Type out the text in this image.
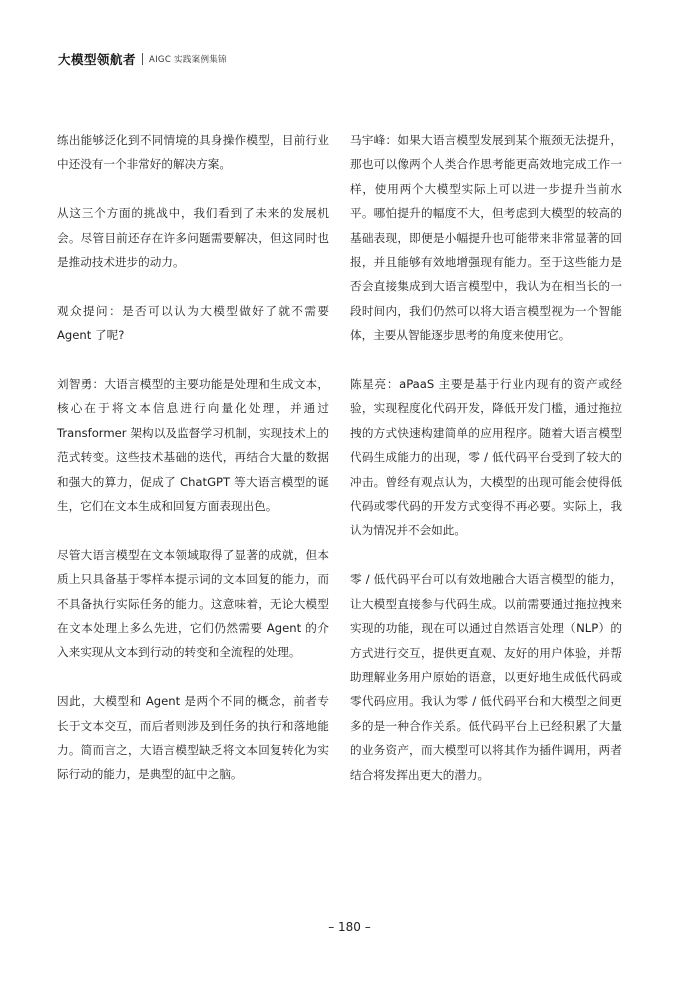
大模型领航者 AIGC 实践案例集锦

练出能够泛化到不同情境的具身操作模型，目前行业中还没有一个非常好的解决方案。

从这三个方面的挑战中，我们看到了未来的发展机会。尽管目前还存在许多问题需要解决，但这同时也是推动技术进步的动力。

观众提问：是否可以认为大模型做好了就不需要 Agent 了呢?

刘智勇：大语言模型的主要功能是处理和生成文本，核心在于将文本信息进行向量化处理，并通过 Transformer 架构以及监督学习机制，实现技术上的范式转变。这些技术基础的迭代，再结合大量的数据和强大的算力，促成了 ChatGPT 等大语言模型的诞生，它们在文本生成和回复方面表现出色。

尽管大语言模型在文本领域取得了显著的成就，但本质上只具备基于零样本提示词的文本回复的能力，而不具备执行实际任务的能力。这意味着，无论大模型在文本处理上多么先进，它们仍然需要 Agent 的介入来实现从文本到行动的转变和全流程的处理。

因此，大模型和 Agent 是两个不同的概念，前者专长于文本交互，而后者则涉及到任务的执行和落地能力。简而言之，大语言模型缺乏将文本回复转化为实际行动的能力，是典型的缸中之脑。

马宇峰：如果大语言模型发展到某个瓶颈无法提升，那也可以像两个人类合作思考能更高效地完成工作一样，使用两个大模型实际上可以进一步提升当前水平。哪怕提升的幅度不大，但考虑到大模型的较高的基础表现，即便是小幅提升也可能带来非常显著的回报，并且能够有效地增强现有能力。至于这些能力是否会直接集成到大语言模型中，我认为在相当长的一段时间内，我们仍然可以将大语言模型视为一个智能体，主要从智能逐步思考的角度来使用它。

陈星亮：aPaaS 主要是基于行业内现有的资产或经验，实现程度化代码开发，降低开发门槛，通过拖拉拽的方式快速构建简单的应用程序。随着大语言模型代码生成能力的出现，零 / 低代码平台受到了较大的冲击。曾经有观点认为，大模型的出现可能会使得低代码或零代码的开发方式变得不再必要。实际上，我认为情况并不会如此。

零 / 低代码平台可以有效地融合大语言模型的能力，让大模型直接参与代码生成。以前需要通过拖拉拽来实现的功能，现在可以通过自然语言处理（NLP）的方式进行交互，提供更直观、友好的用户体验，并帮助理解业务用户原始的语意，以更好地生成低代码或零代码应用。我认为零 / 低代码平台和大模型之间更多的是一种合作关系。低代码平台上已经积累了大量的业务资产，而大模型可以将其作为插件调用，两者结合将发挥出更大的潜力。

– 180 –
